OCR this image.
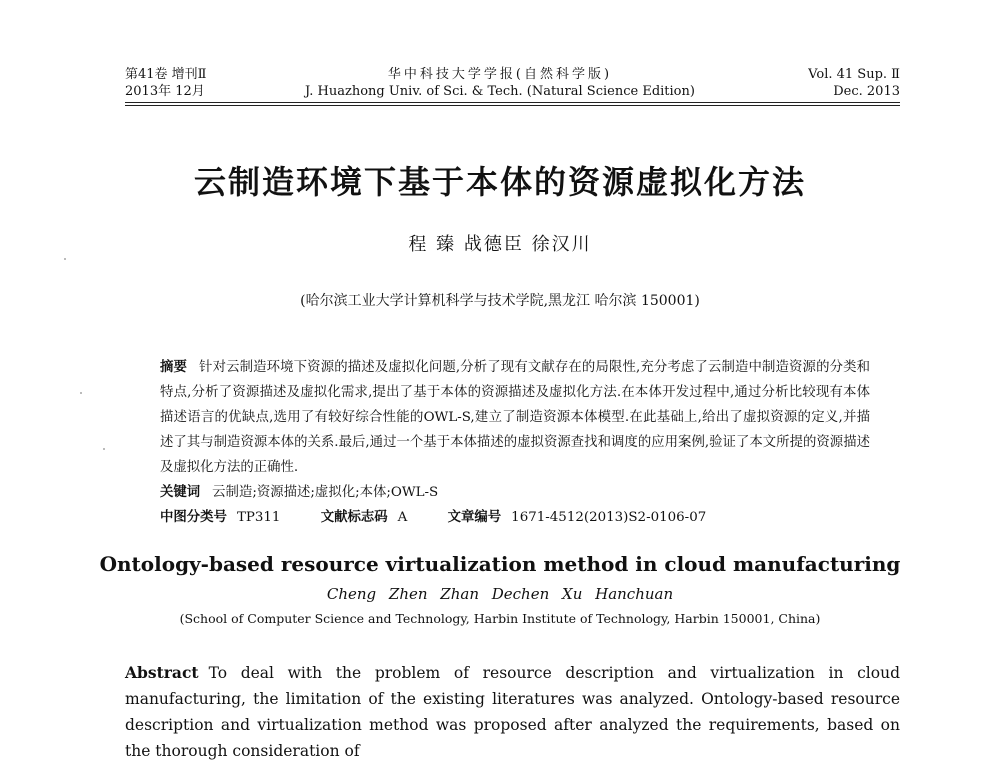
第41卷 增刊Ⅱ
2013年 12月
华中科技大学学报(自然科学版)
J. Huazhong Univ. of Sci. & Tech. (Natural Science Edition)
Vol. 41 Sup. Ⅱ
Dec. 2013
云制造环境下基于本体的资源虚拟化方法
程 臻 战德臣 徐汉川
(哈尔滨工业大学计算机科学与技术学院,黑龙江 哈尔滨 150001)

摘要 针对云制造环境下资源的描述及虚拟化问题,分析了现有文献存在的局限性,充分考虑了云制造中制造资源的分类和特点,分析了资源描述及虚拟化需求,提出了基于本体的资源描述及虚拟化方法.在本体开发过程中,通过分析比较现有本体描述语言的优缺点,选用了有较好综合性能的OWL-S,建立了制造资源本体模型.在此基础上,给出了虚拟资源的定义,并描述了其与制造资源本体的关系.最后,通过一个基于本体描述的虚拟资源查找和调度的应用案例,验证了本文所提的资源描述及虚拟化方法的正确性.

关键词 云制造;资源描述;虚拟化;本体;OWL-S

中图分类号 TP311	文献标志码 A	文章编号 1671-4512(2013)S2-0106-07

Ontology-based resource virtualization method in cloud manufacturing
Cheng Zhen Zhan Dechen Xu Hanchuan
(School of Computer Science and Technology, Harbin Institute of Technology, Harbin 150001, China)
Abstract To deal with the problem of resource description and virtualization in cloud manufacturing, the limitation of the existing literatures was analyzed. Ontology-based resource description and virtualization method was proposed after analyzed the requirements, based on the thorough consideration of
